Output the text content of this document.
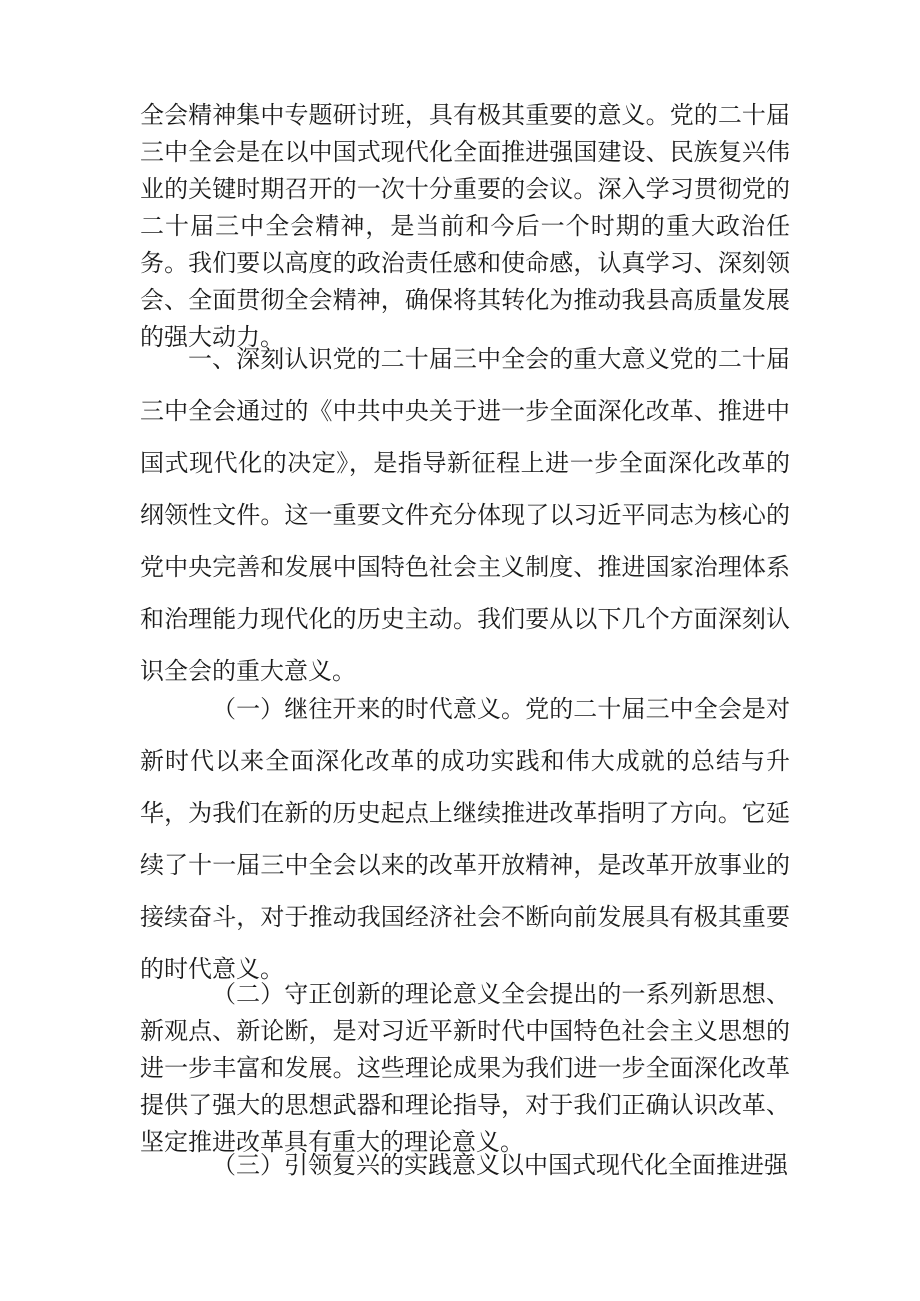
全会精神集中专题研讨班，具有极其重要的意义。党的二十届三中全会是在以中国式现代化全面推进强国建设、民族复兴伟业的关键时期召开的一次十分重要的会议。深入学习贯彻党的二十届三中全会精神，是当前和今后一个时期的重大政治任务。我们要以高度的政治责任感和使命感，认真学习、深刻领会、全面贯彻全会精神，确保将其转化为推动我县高质量发展的强大动力。

一、深刻认识党的二十届三中全会的重大意义党的二十届三中全会通过的《中共中央关于进一步全面深化改革、推进中国式现代化的决定》，是指导新征程上进一步全面深化改革的纲领性文件。这一重要文件充分体现了以习近平同志为核心的党中央完善和发展中国特色社会主义制度、推进国家治理体系和治理能力现代化的历史主动。我们要从以下几个方面深刻认识全会的重大意义。

（一）继往开来的时代意义。党的二十届三中全会是对新时代以来全面深化改革的成功实践和伟大成就的总结与升华，为我们在新的历史起点上继续推进改革指明了方向。它延续了十一届三中全会以来的改革开放精神，是改革开放事业的接续奋斗，对于推动我国经济社会不断向前发展具有极其重要的时代意义。

（二）守正创新的理论意义全会提出的一系列新思想、新观点、新论断，是对习近平新时代中国特色社会主义思想的进一步丰富和发展。这些理论成果为我们进一步全面深化改革提供了强大的思想武器和理论指导，对于我们正确认识改革、坚定推进改革具有重大的理论意义。

（三）引领复兴的实践意义以中国式现代化全面推进强
